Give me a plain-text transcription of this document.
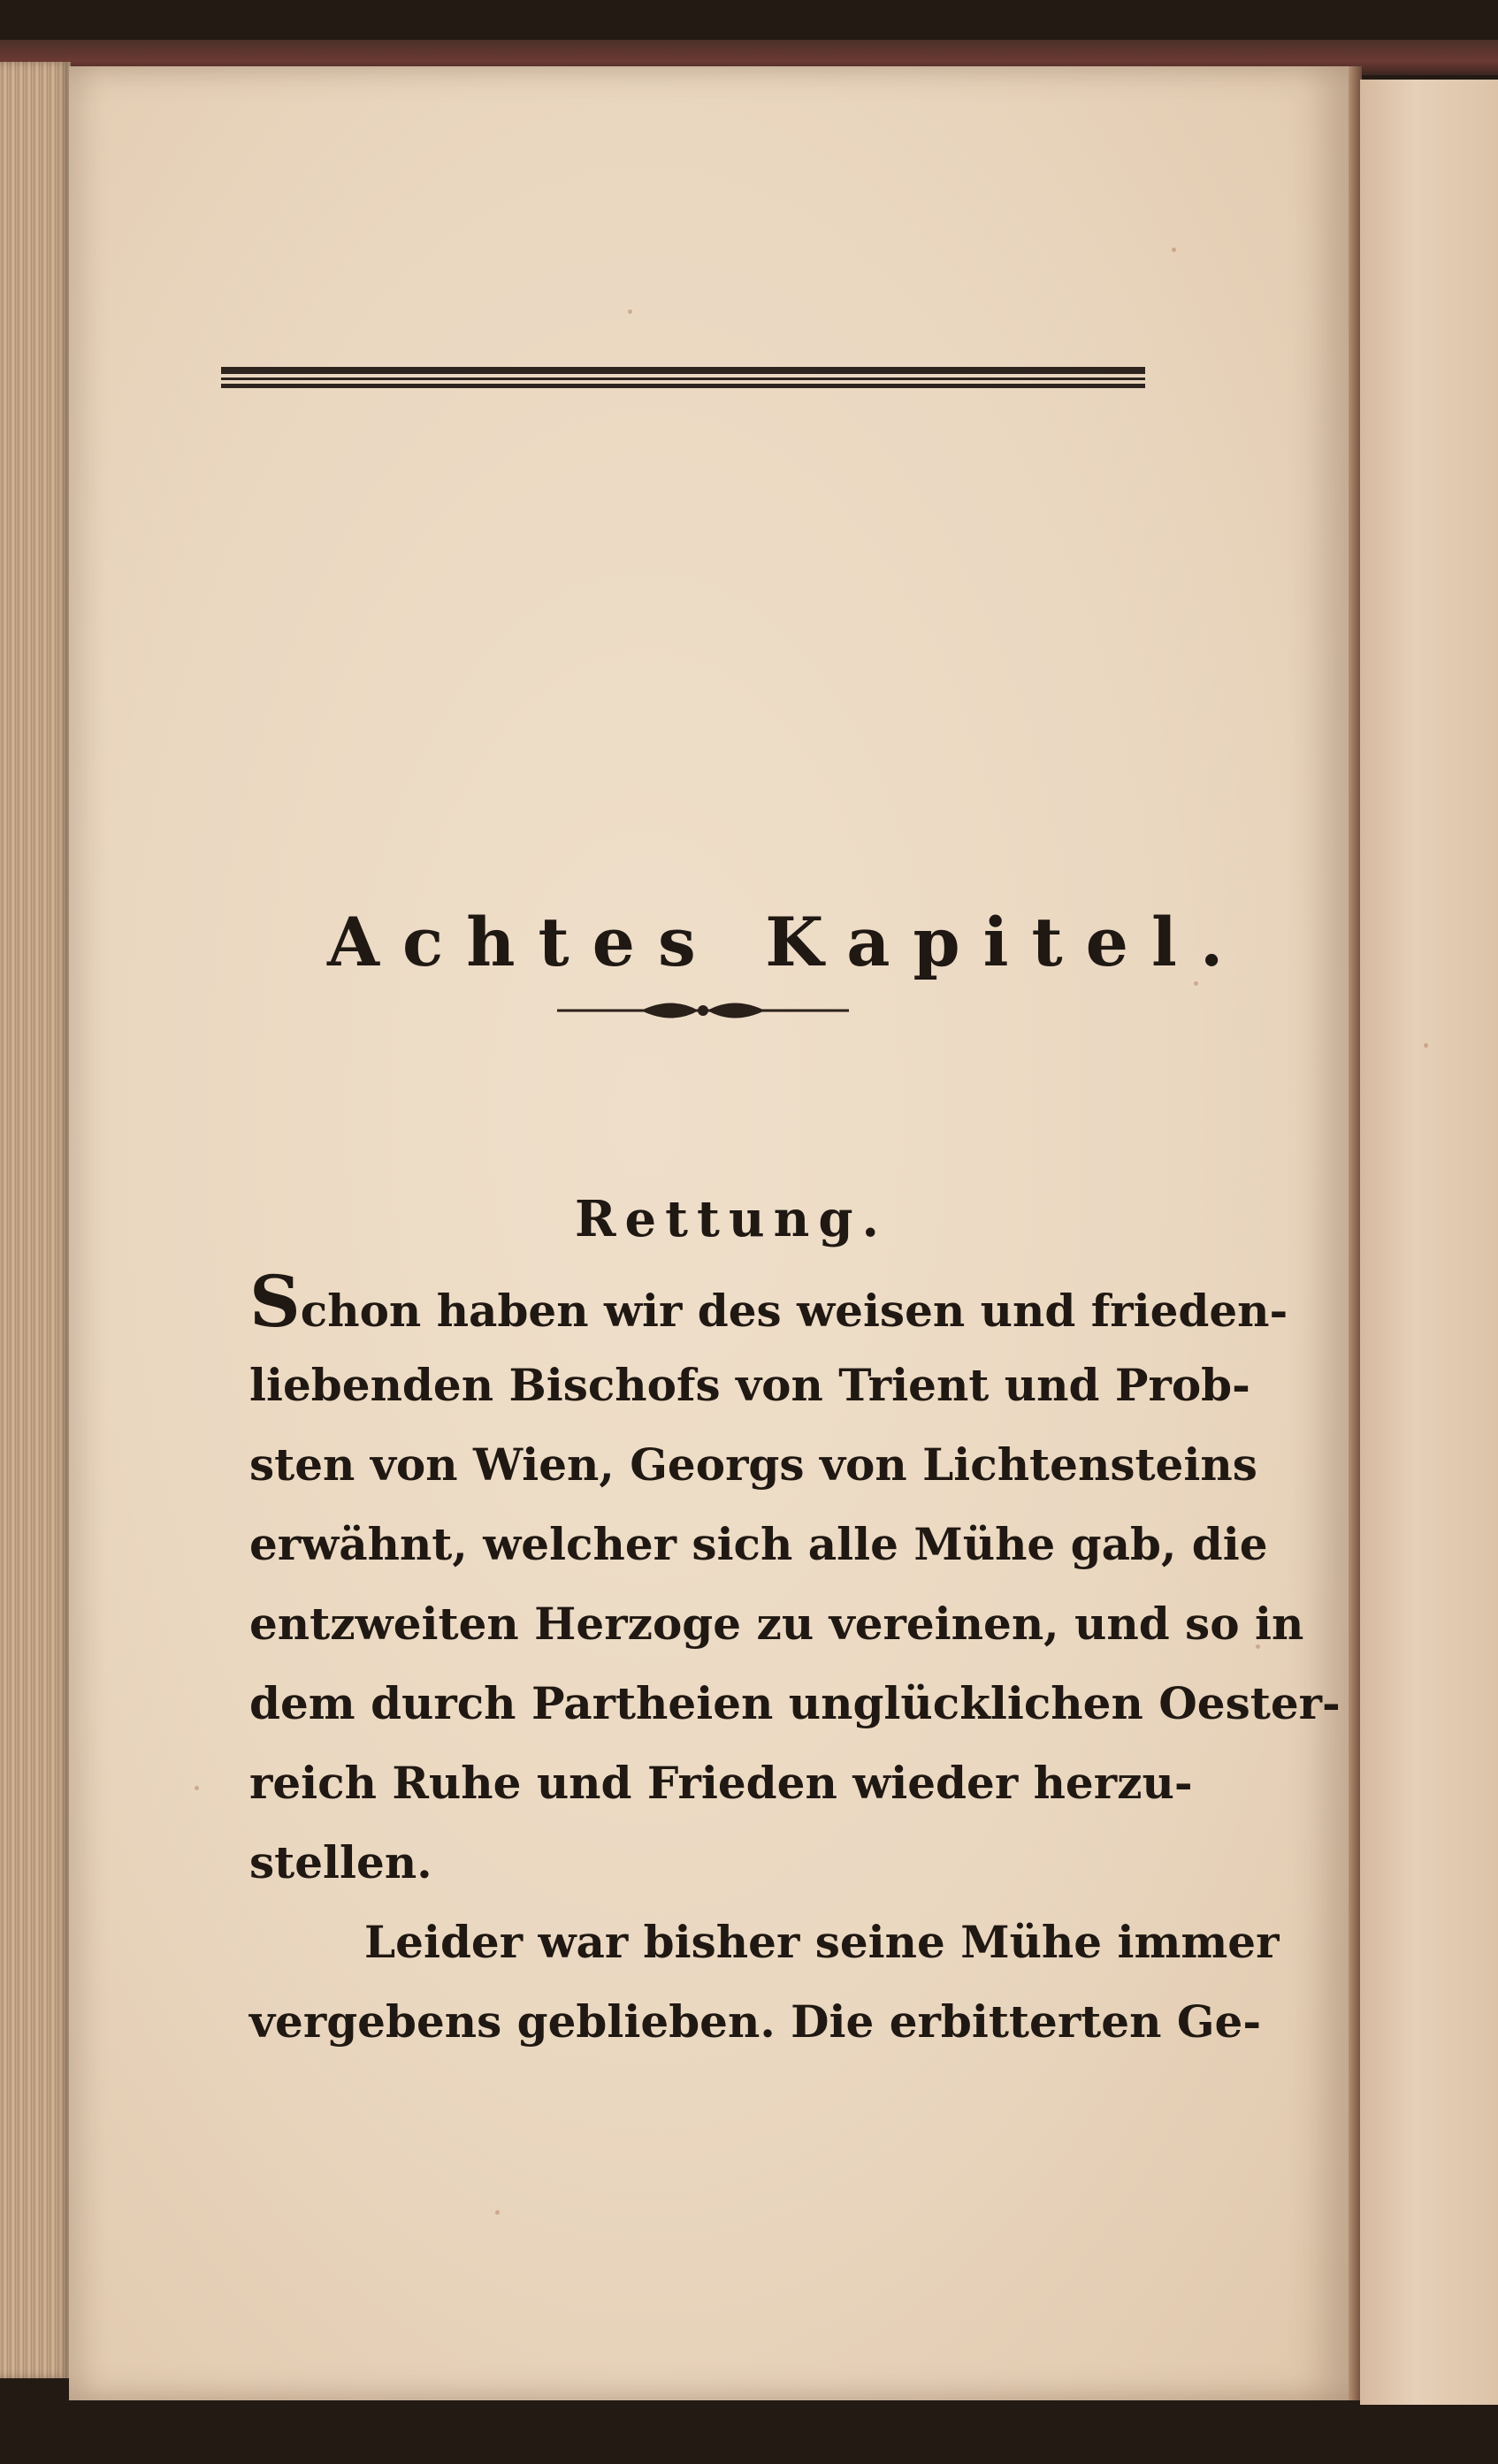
Achtes Kapitel.
Rettung.
Schon haben wir des weisen und frieden-
liebenden Bischofs von Trient und Prob-
sten von Wien, Georgs von Lichtensteins
erwähnt, welcher sich alle Mühe gab, die
entzweiten Herzoge zu vereinen, und so in
dem durch Partheien unglücklichen Oester-
reich Ruhe und Frieden wieder herzu-
stellen.
Leider war bisher seine Mühe immer
vergebens geblieben. Die erbitterten Ge-
